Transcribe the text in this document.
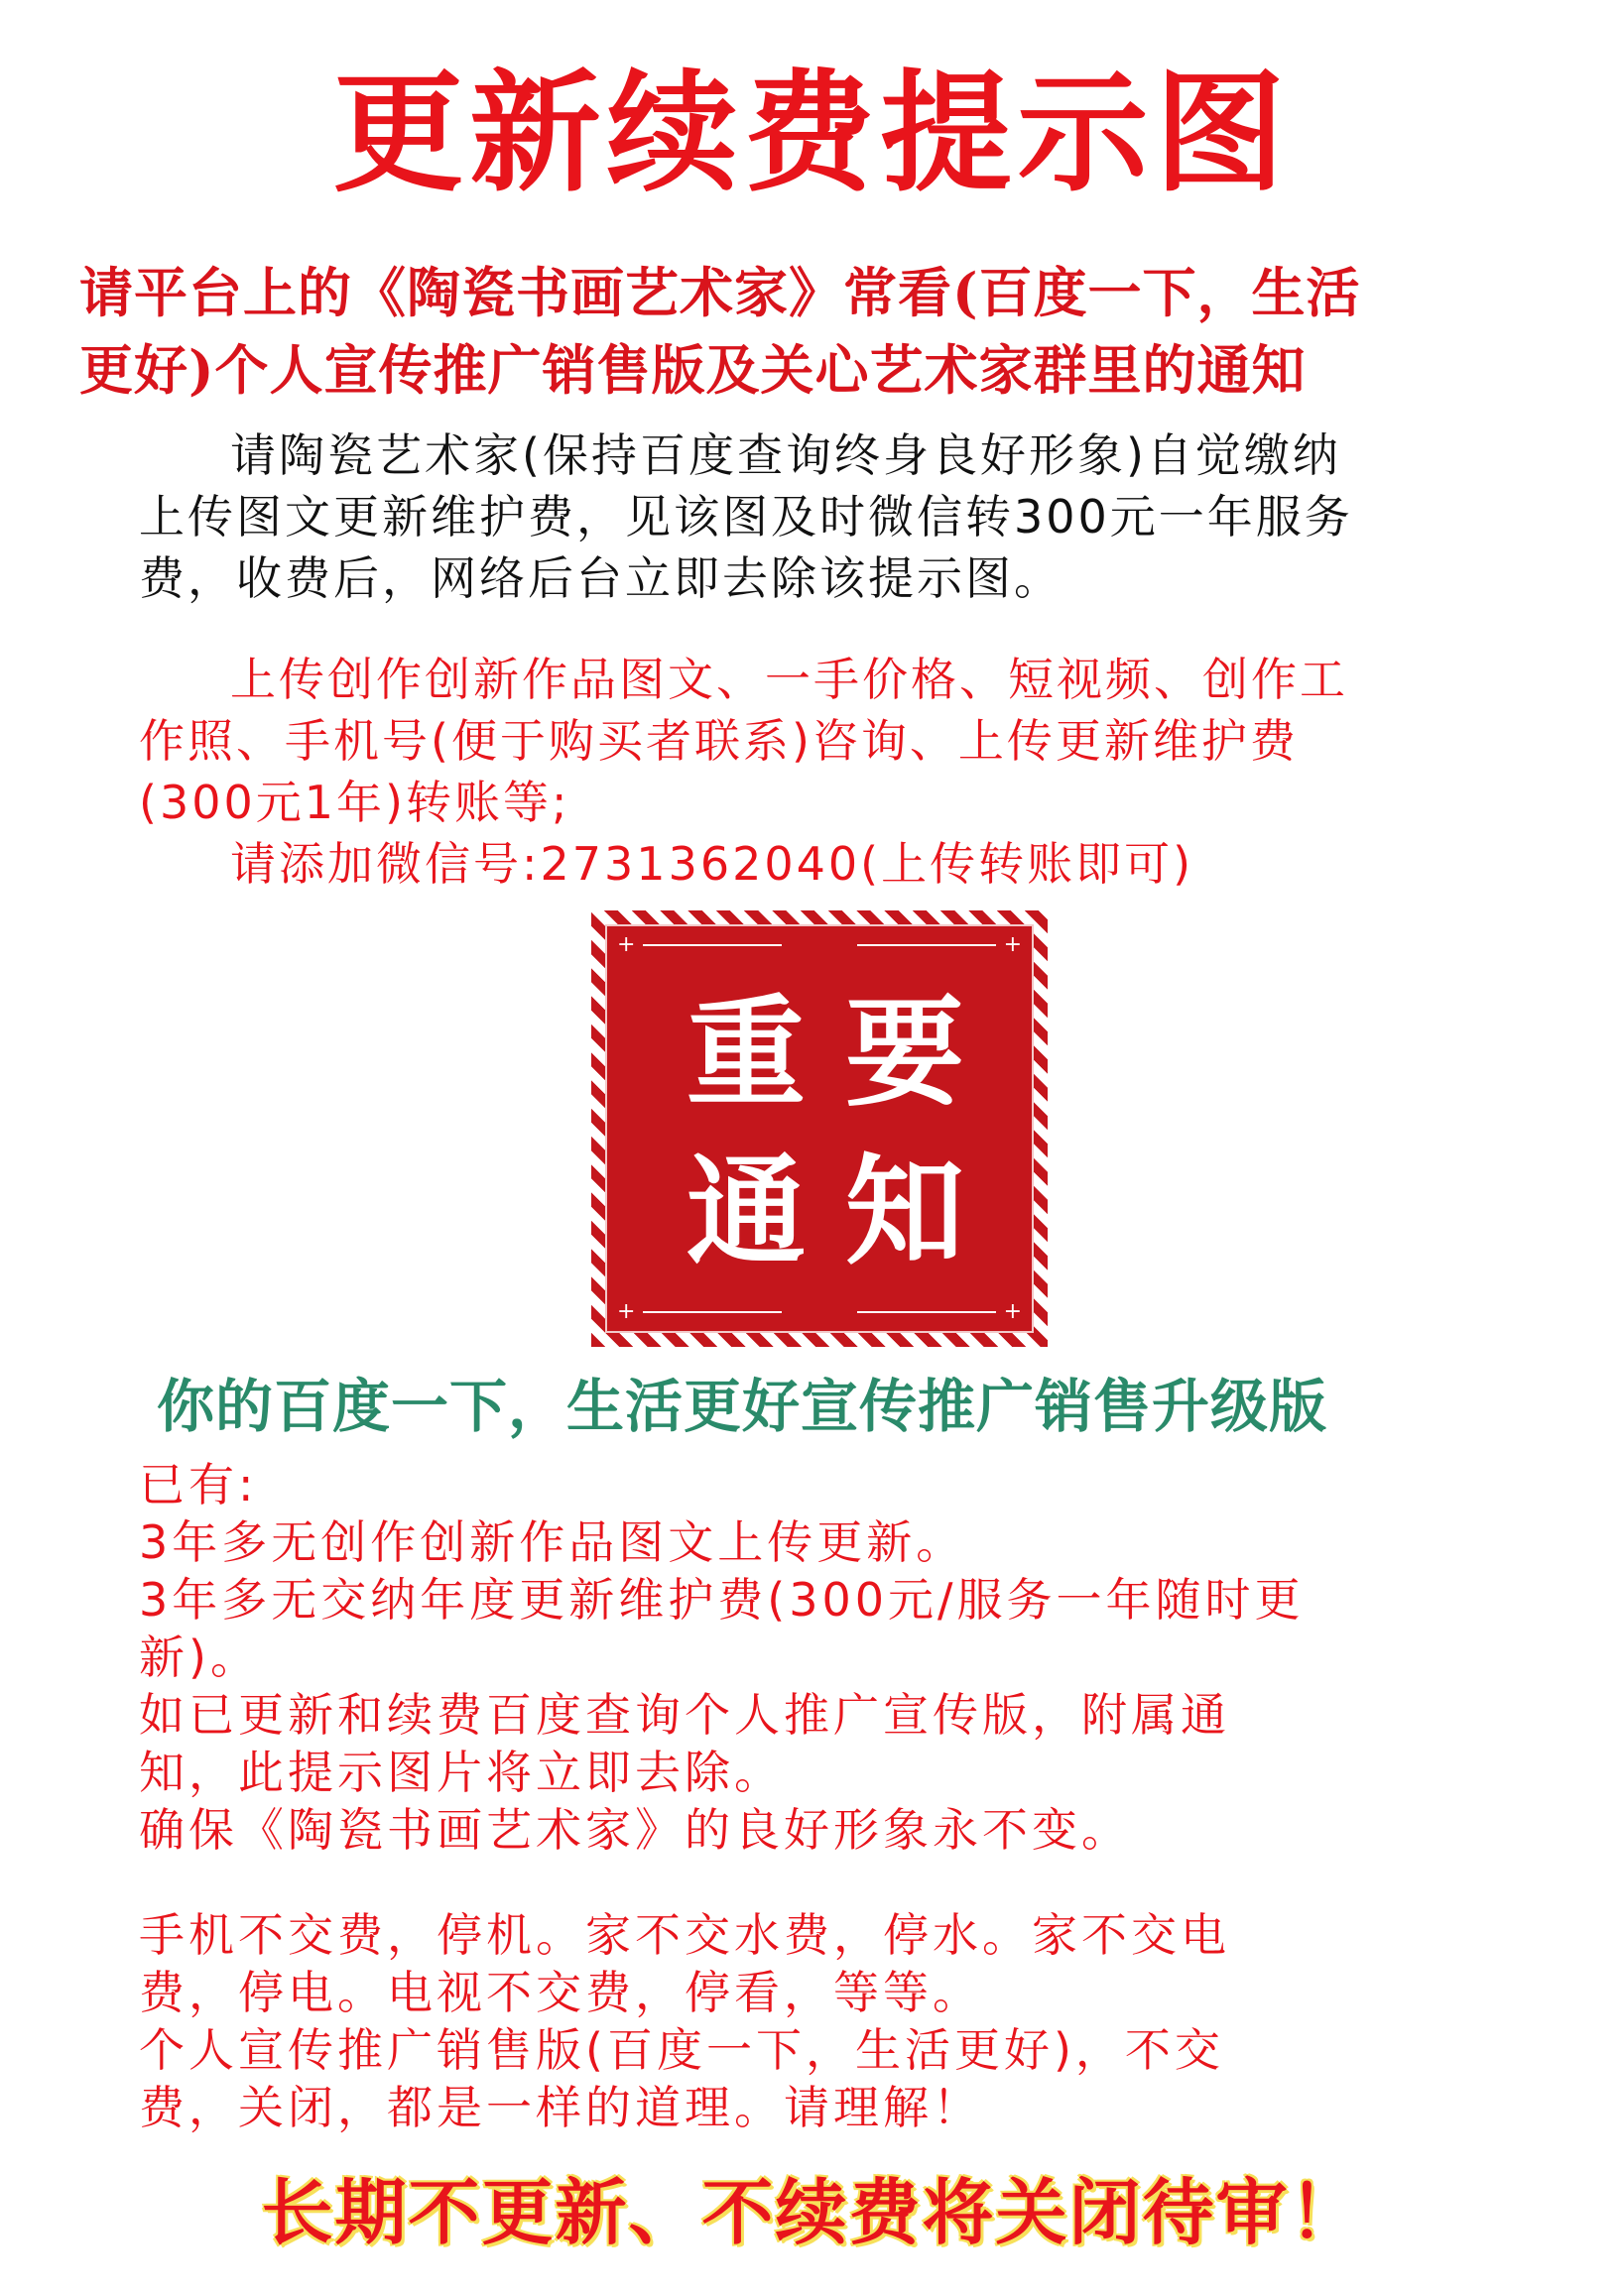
更新续费提示图
请平台上的《陶瓷书画艺术家》常看(百度一下，生活
更好)个人宣传推广销售版及关心艺术家群里的通知
请陶瓷艺术家(保持百度查询终身良好形象)自觉缴纳
上传图文更新维护费，见该图及时微信转300元一年服务
费，收费后，网络后台立即去除该提示图。
上传创作创新作品图文、一手价格、短视频、创作工
作照、手机号(便于购买者联系)咨询、上传更新维护费
(300元1年)转账等;
请添加微信号:2731362040(上传转账即可)
+	+
+	+
重 要
通 知
你的百度一下，生活更好宣传推广销售升级版
已有:
3年多无创作创新作品图文上传更新。
3年多无交纳年度更新维护费(300元/服务一年随时更
新)。
如已更新和续费百度查询个人推广宣传版，附属通
知，此提示图片将立即去除。
确保《陶瓷书画艺术家》的良好形象永不变。
手机不交费，停机。家不交水费，停水。家不交电
费，停电。电视不交费，停看，等等。
个人宣传推广销售版(百度一下，生活更好)，不交
费，关闭，都是一样的道理。请理解！
长期不更新、不续费将关闭待审！
